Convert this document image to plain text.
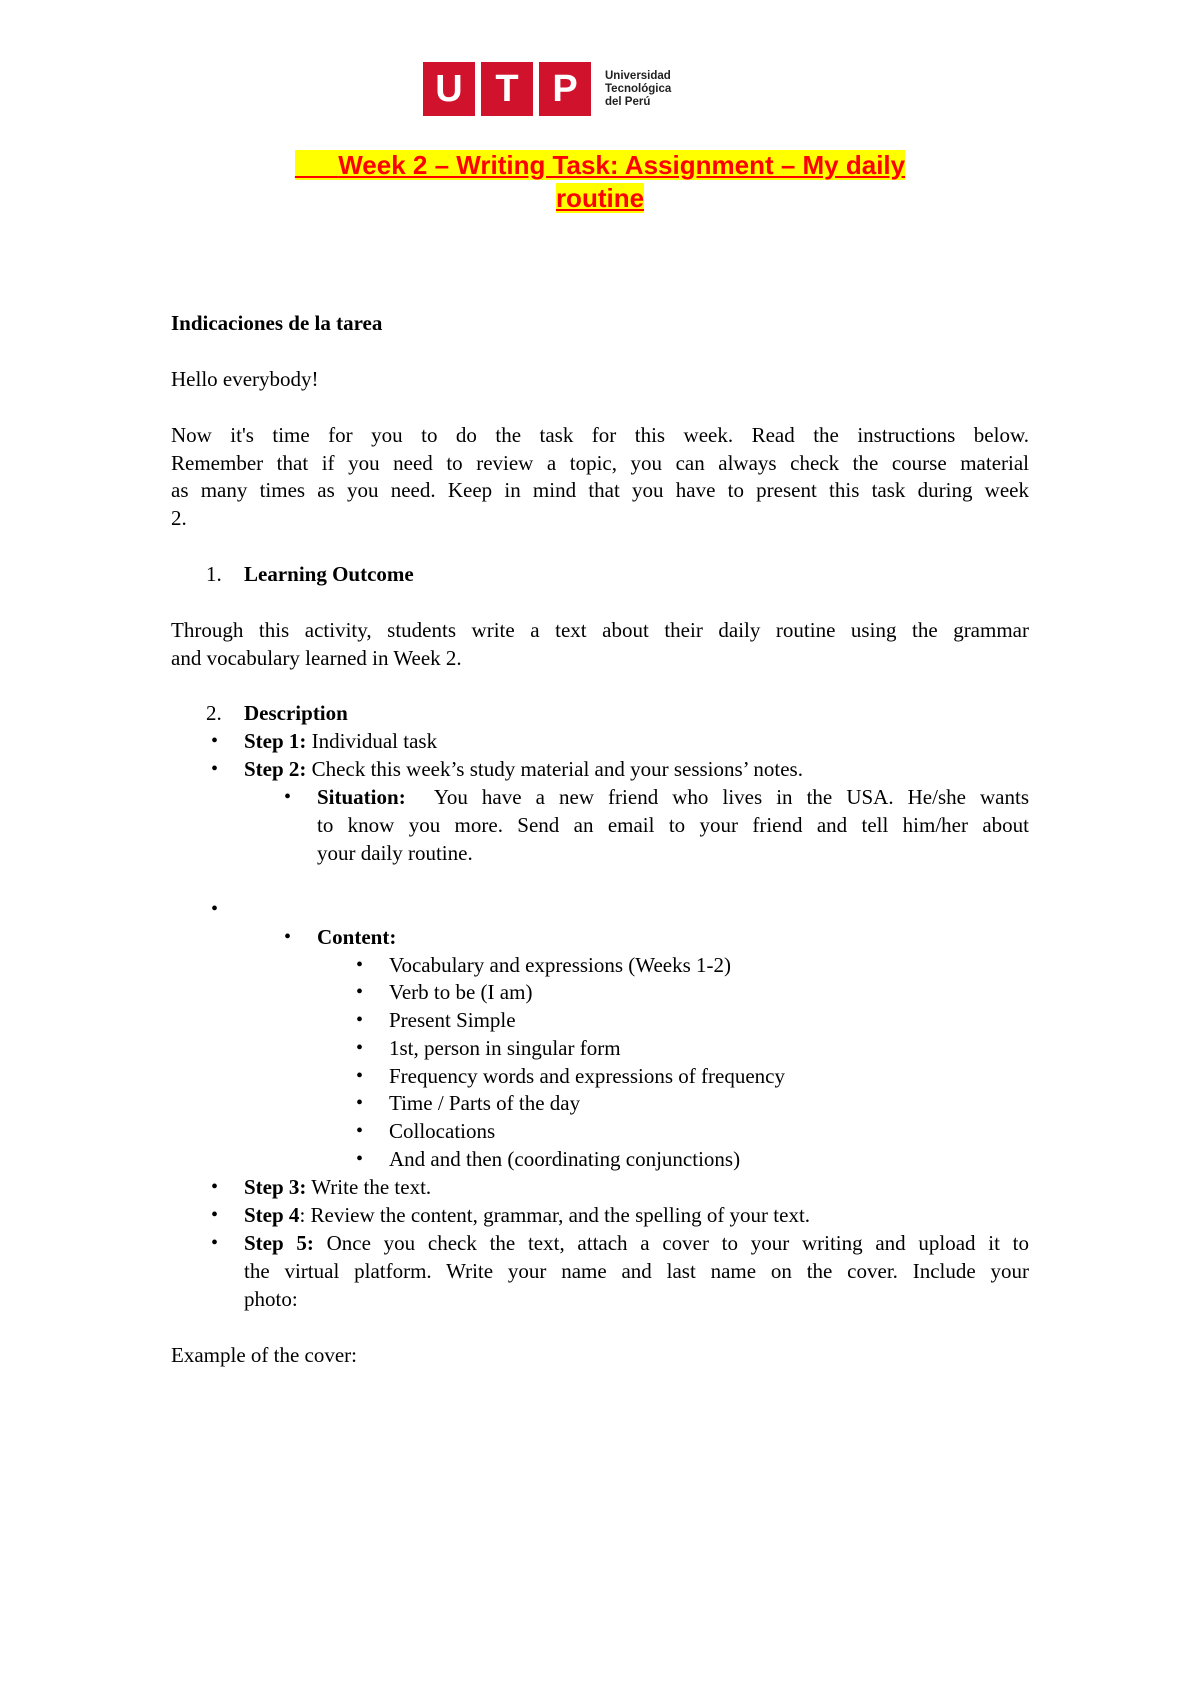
U T P	Universidad
Tecnológica
del Perú
Week 2 – Writing Task: Assignment – My daily
routine
Indicaciones de la tarea
Hello everybody!
Now it's time for you to do the task for this week. Read the instructions below.
Remember that if you need to review a topic, you can always check the course material
as many times as you need. Keep in mind that you have to present this task during week
2.
1. Learning Outcome
Through this activity, students write a text about their daily routine using the grammar
and vocabulary learned in Week 2.
2. Description
• Step 1: Individual task
• Step 2: Check this week’s study material and your sessions’ notes.
• Situation: You have a new friend who lives in the USA. He/she wants
to know you more. Send an email to your friend and tell him/her about
your daily routine.
•
• Content:
• Vocabulary and expressions (Weeks 1-2)
• Verb to be (I am)
• Present Simple
• 1st, person in singular form
• Frequency words and expressions of frequency
• Time / Parts of the day
• Collocations
• And and then (coordinating conjunctions)
• Step 3: Write the text.
• Step 4: Review the content, grammar, and the spelling of your text.
• Step 5: Once you check the text, attach a cover to your writing and upload it to
the virtual platform. Write your name and last name on the cover. Include your
photo:
Example of the cover:
